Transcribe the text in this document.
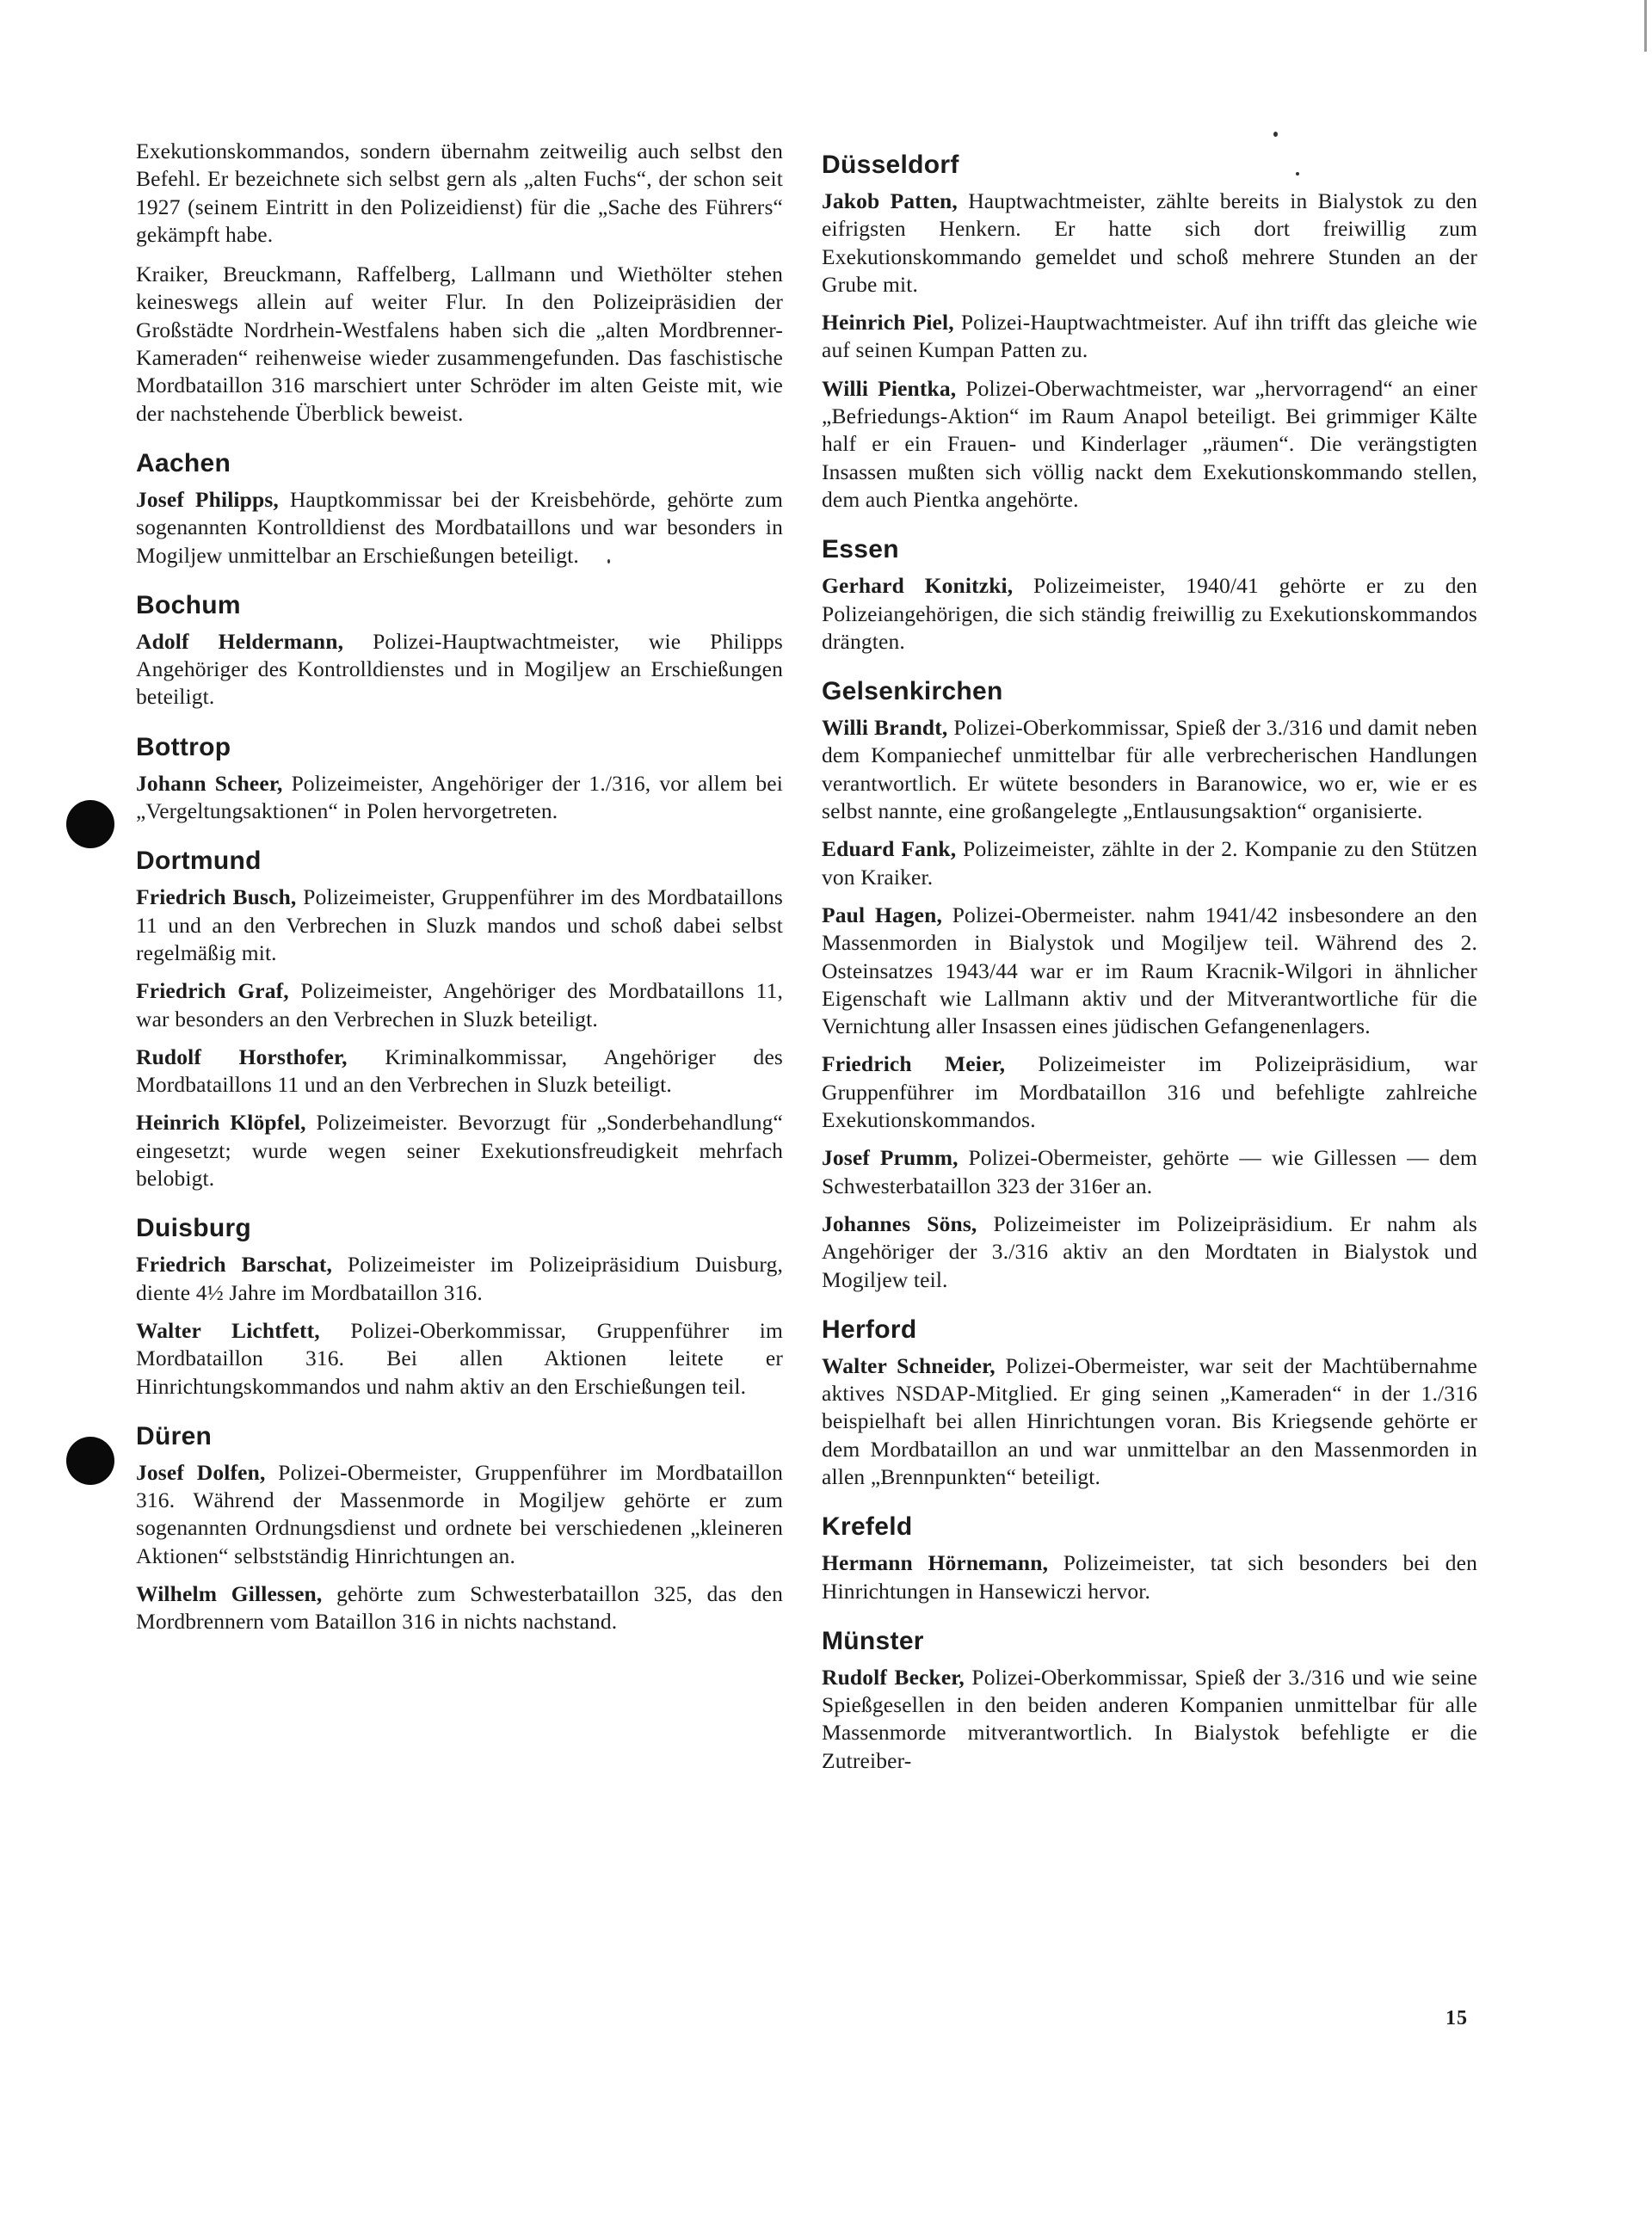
Exekutionskommandos, sondern übernahm zeitweilig auch selbst den Befehl. Er bezeichnete sich selbst gern als „alten Fuchs“, der schon seit 1927 (seinem Eintritt in den Polizeidienst) für die „Sache des Führers“ gekämpft habe.

Kraiker, Breuckmann, Raffelberg, Lallmann und Wiethölter stehen keineswegs allein auf weiter Flur. In den Polizeipräsidien der Großstädte Nordrhein-Westfalens haben sich die „alten Mordbrenner-Kameraden“ reihenweise wieder zusammengefunden. Das faschistische Mordbataillon 316 marschiert unter Schröder im alten Geiste mit, wie der nachstehende Überblick beweist.

Aachen

Josef Philipps, Hauptkommissar bei der Kreisbehörde, gehörte zum sogenannten Kontrolldienst des Mordbataillons und war besonders in Mogiljew unmittelbar an Erschießungen beteiligt.

Bochum

Adolf Heldermann, Polizei-Hauptwachtmeister, wie Philipps Angehöriger des Kontrolldienstes und in Mogiljew an Erschießungen beteiligt.

Bottrop

Johann Scheer, Polizeimeister, Angehöriger der 1./316, vor allem bei „Vergeltungsaktionen“ in Polen hervorgetreten.

Dortmund

Friedrich Busch, Polizeimeister, Gruppenführer im des Mordbataillons 11 und an den Verbrechen in Sluzk mandos und schoß dabei selbst regelmäßig mit.

Friedrich Graf, Polizeimeister, Angehöriger des Mordbataillons 11, war besonders an den Verbrechen in Sluzk beteiligt.

Rudolf Horsthofer, Kriminalkommissar, Angehöriger des Mordbataillons 11 und an den Verbrechen in Sluzk beteiligt.

Heinrich Klöpfel, Polizeimeister. Bevorzugt für „Sonderbehandlung“ eingesetzt; wurde wegen seiner Exekutionsfreudigkeit mehrfach belobigt.

Duisburg

Friedrich Barschat, Polizeimeister im Polizeipräsidium Duisburg, diente 4½ Jahre im Mordbataillon 316.

Walter Lichtfett, Polizei-Oberkommissar, Gruppenführer im Mordbataillon 316. Bei allen Aktionen leitete er Hinrichtungskommandos und nahm aktiv an den Erschießungen teil.

Düren

Josef Dolfen, Polizei-Obermeister, Gruppenführer im Mordbataillon 316. Während der Massenmorde in Mogiljew gehörte er zum sogenannten Ordnungsdienst und ordnete bei verschiedenen „kleineren Aktionen“ selbstständig Hinrichtungen an.

Wilhelm Gillessen, gehörte zum Schwesterbataillon 325, das den Mordbrennern vom Bataillon 316 in nichts nachstand.

Düsseldorf

Jakob Patten, Hauptwachtmeister, zählte bereits in Bialystok zu den eifrigsten Henkern. Er hatte sich dort freiwillig zum Exekutionskommando gemeldet und schoß mehrere Stunden an der Grube mit.

Heinrich Piel, Polizei-Hauptwachtmeister. Auf ihn trifft das gleiche wie auf seinen Kumpan Patten zu.

Willi Pientka, Polizei-Oberwachtmeister, war „hervorragend“ an einer „Befriedungs-Aktion“ im Raum Anapol beteiligt. Bei grimmiger Kälte half er ein Frauen- und Kinderlager „räumen“. Die verängstigten Insassen mußten sich völlig nackt dem Exekutionskommando stellen, dem auch Pientka angehörte.

Essen

Gerhard Konitzki, Polizeimeister, 1940/41 gehörte er zu den Polizeiangehörigen, die sich ständig freiwillig zu Exekutionskommandos drängten.

Gelsenkirchen

Willi Brandt, Polizei-Oberkommissar, Spieß der 3./316 und damit neben dem Kompaniechef unmittelbar für alle verbrecherischen Handlungen verantwortlich. Er wütete besonders in Baranowice, wo er, wie er es selbst nannte, eine großangelegte „Entlausungsaktion“ organisierte.

Eduard Fank, Polizeimeister, zählte in der 2. Kompanie zu den Stützen von Kraiker.

Paul Hagen, Polizei-Obermeister. nahm 1941/42 insbesondere an den Massenmorden in Bialystok und Mogiljew teil. Während des 2. Osteinsatzes 1943/44 war er im Raum Kracnik-Wilgori in ähnlicher Eigenschaft wie Lallmann aktiv und der Mitverantwortliche für die Vernichtung aller Insassen eines jüdischen Gefangenenlagers.

Friedrich Meier, Polizeimeister im Polizeipräsidium, war Gruppenführer im Mordbataillon 316 und befehligte zahlreiche Exekutionskommandos.

Josef Prumm, Polizei-Obermeister, gehörte — wie Gillessen — dem Schwesterbataillon 323 der 316er an.

Johannes Söns, Polizeimeister im Polizeipräsidium. Er nahm als Angehöriger der 3./316 aktiv an den Mordtaten in Bialystok und Mogiljew teil.

Herford

Walter Schneider, Polizei-Obermeister, war seit der Machtübernahme aktives NSDAP-Mitglied. Er ging seinen „Kameraden“ in der 1./316 beispielhaft bei allen Hinrichtungen voran. Bis Kriegsende gehörte er dem Mordbataillon an und war unmittelbar an den Massenmorden in allen „Brennpunkten“ beteiligt.

Krefeld

Hermann Hörnemann, Polizeimeister, tat sich besonders bei den Hinrichtungen in Hansewiczi hervor.

Münster

Rudolf Becker, Polizei-Oberkommissar, Spieß der 3./316 und wie seine Spießgesellen in den beiden anderen Kompanien unmittelbar für alle Massenmorde mitverantwortlich. In Bialystok befehligte er die Zutreiber-

15
